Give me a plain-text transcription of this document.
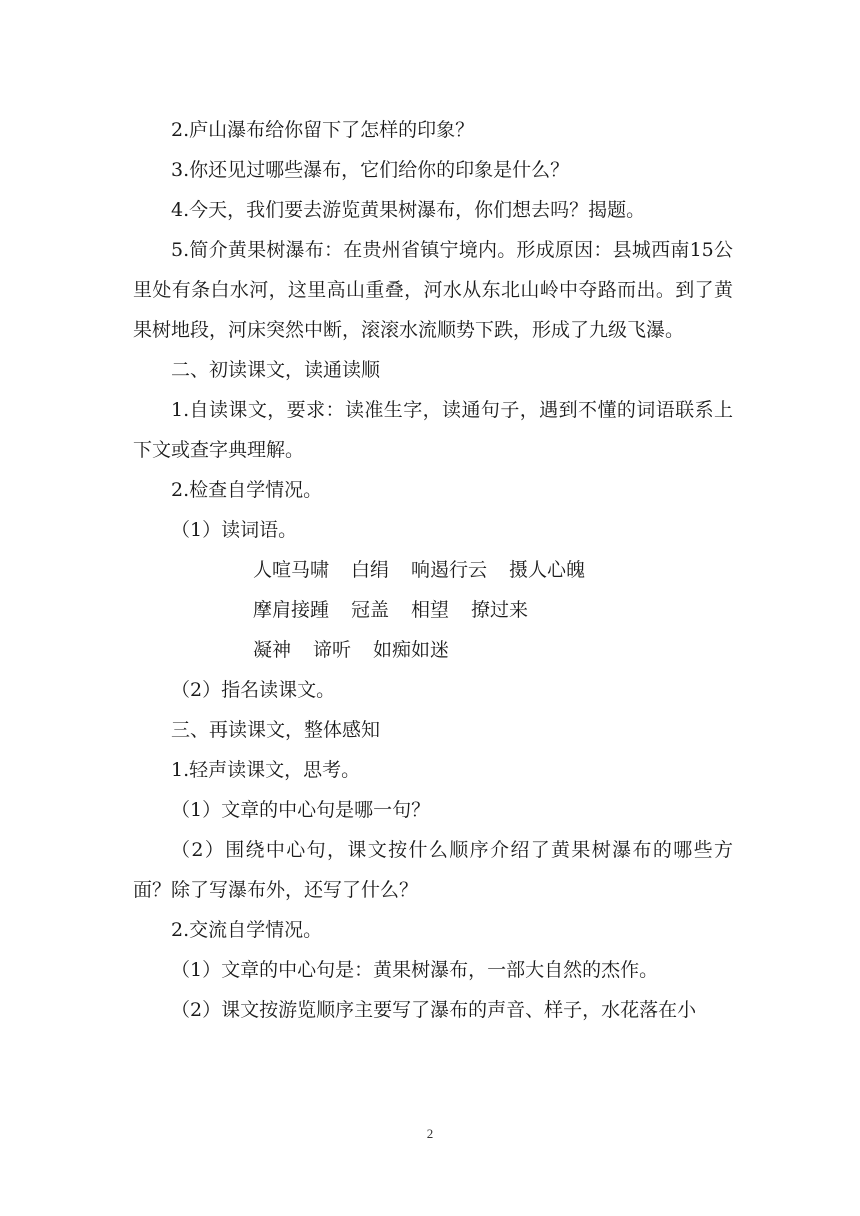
2.庐山瀑布给你留下了怎样的印象？

3.你还见过哪些瀑布，它们给你的印象是什么？

4.今天，我们要去游览黄果树瀑布，你们想去吗？揭题。

5.简介黄果树瀑布：在贵州省镇宁境内。形成原因：县城西南15公里处有条白水河，这里高山重叠，河水从东北山岭中夺路而出。到了黄果树地段，河床突然中断，滚滚水流顺势下跌，形成了九级飞瀑。

二、初读课文，读通读顺

1.自读课文，要求：读准生字，读通句子，遇到不懂的词语联系上下文或查字典理解。

2.检查自学情况。

（1）读词语。

人喧马啸 白绢 响遏行云 摄人心魄
摩肩接踵 冠盖 相望 撩过来
凝神 谛听 如痴如迷

（2）指名读课文。

三、再读课文，整体感知

1.轻声读课文，思考。

（1）文章的中心句是哪一句？

（2）围绕中心句，课文按什么顺序介绍了黄果树瀑布的哪些方面？除了写瀑布外，还写了什么？

2.交流自学情况。

（1）文章的中心句是：黄果树瀑布，一部大自然的杰作。

（2）课文按游览顺序主要写了瀑布的声音、样子，水花落在小

2
